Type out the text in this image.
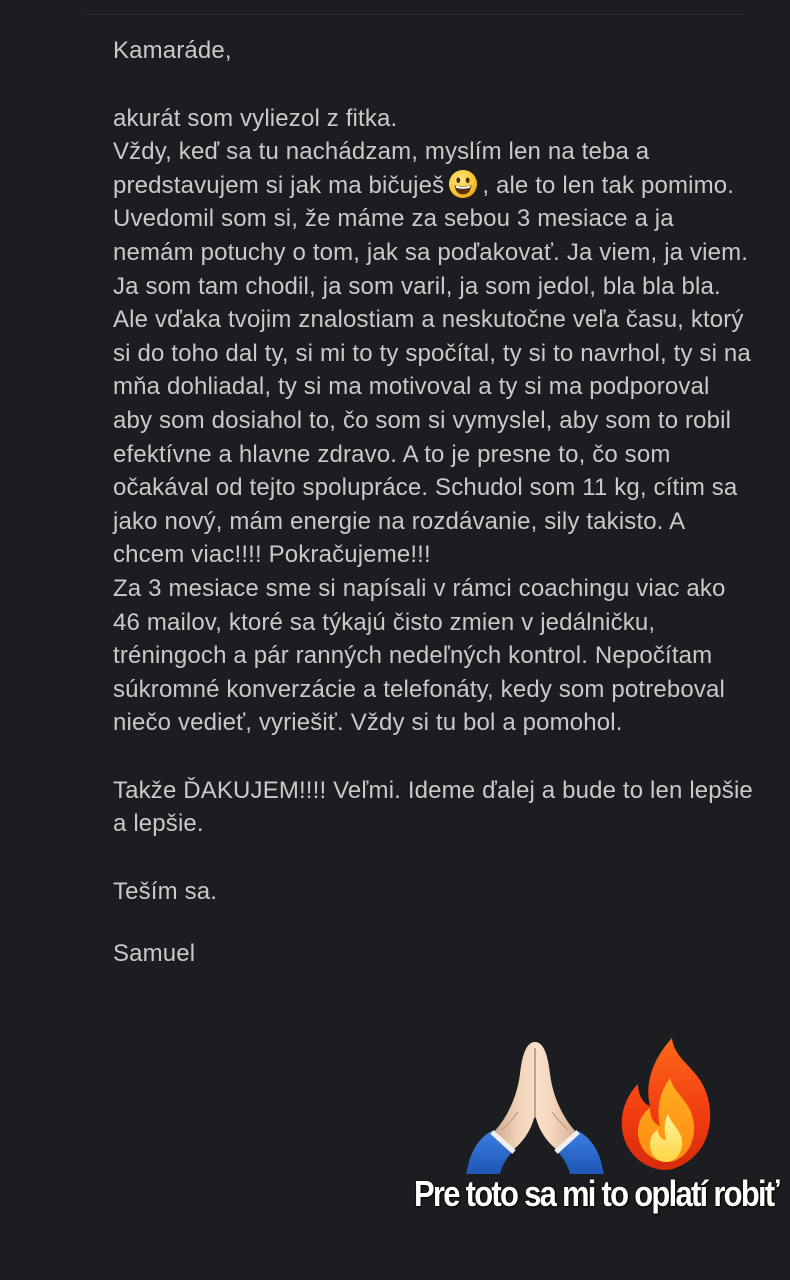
Kamaráde,

akurát som vyliezol z fitka.

Vždy, keď sa tu nachádzam, myslím len na teba a predstavujem si jak ma bičuješ , ale to len tak pomimo.

Uvedomil som si, že máme za sebou 3 mesiace a ja nemám potuchy o tom, jak sa poďakovať. Ja viem, ja viem. Ja som tam chodil, ja som varil, ja som jedol, bla bla bla. Ale vďaka tvojim znalostiam a neskutočne veľa času, ktorý si do toho dal ty, si mi to ty spočítal, ty si to navrhol, ty si na mňa dohliadal, ty si ma motivoval a ty si ma podporoval aby som dosiahol to, čo som si vymyslel, aby som to robil efektívne a hlavne zdravo. A to je presne to, čo som očakával od tejto spolupráce. Schudol som 11 kg, cítim sa jako nový, mám energie na rozdávanie, sily takisto. A chcem viac!!!! Pokračujeme!!!

Za 3 mesiace sme si napísali v rámci coachingu viac ako 46 mailov, ktoré sa týkajú čisto zmien v jedálničku, tréningoch a pár ranných nedeľných kontrol. Nepočítam súkromné konverzácie a telefonáty, kedy som potreboval niečo vedieť, vyriešiť. Vždy si tu bol a pomohol.

Takže ĎAKUJEM!!!! Veľmi. Ideme ďalej a bude to len lepšie a lepšie.

Teším sa.

Samuel

Pre toto sa mi to oplatí robiť
